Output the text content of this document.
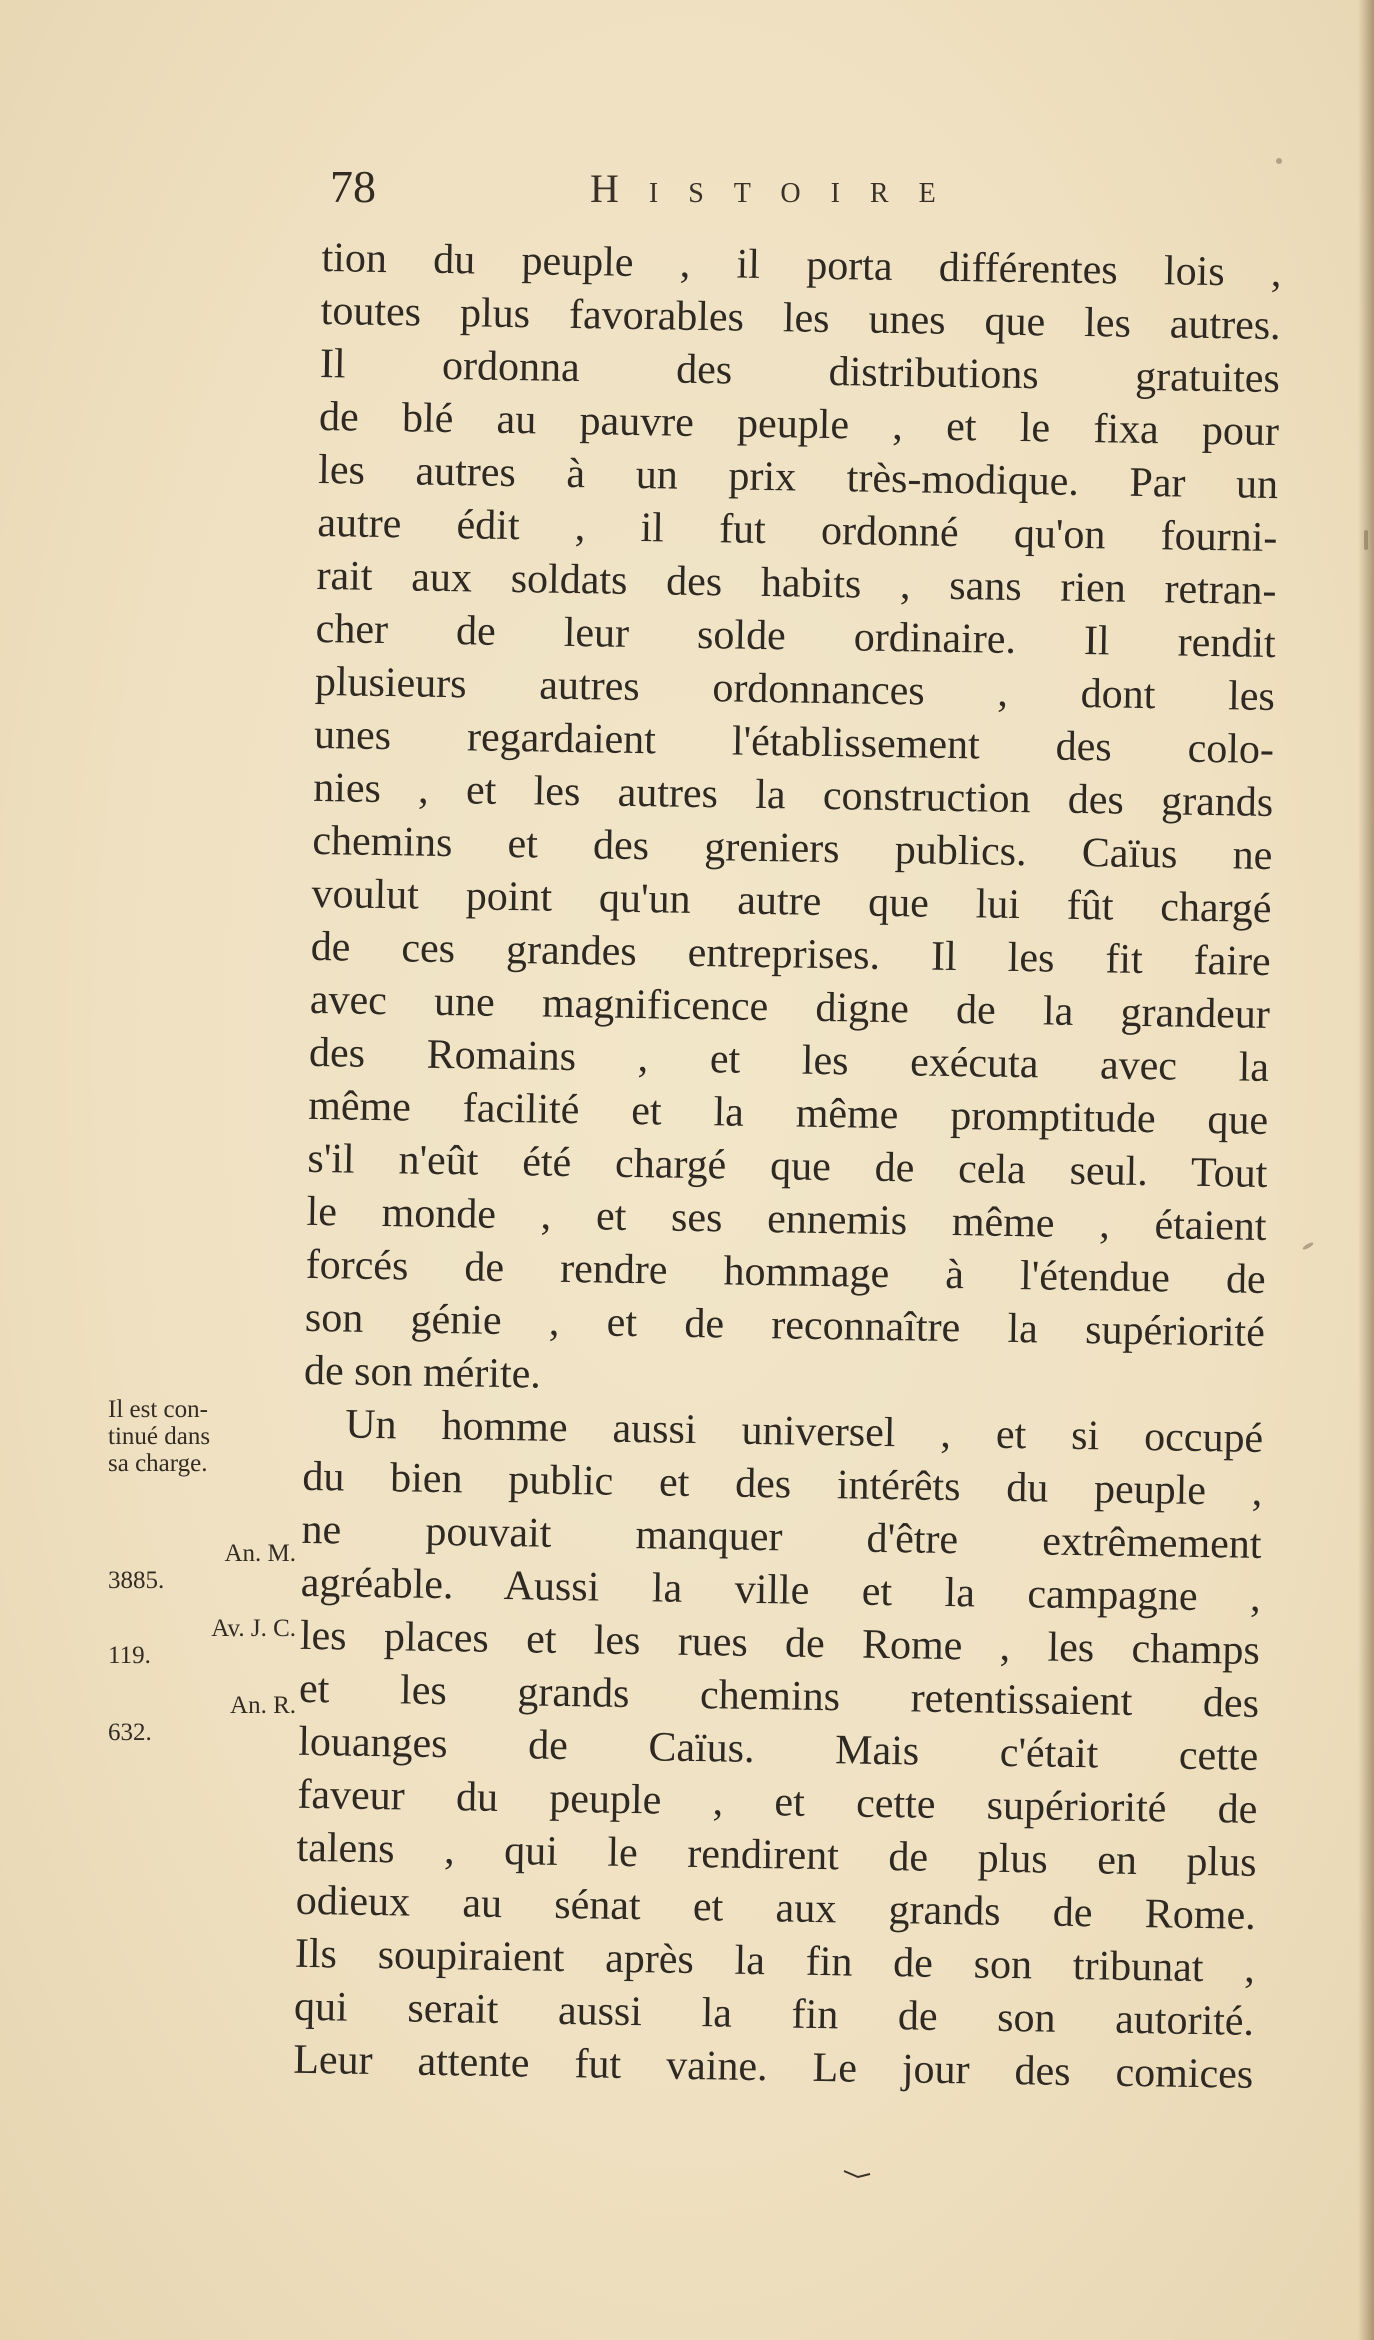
78	Histoire
tion du peuple , il porta différentes lois ,
toutes plus favorables les unes que les autres.
Il ordonna des distributions gratuites
de blé au pauvre peuple , et le fixa pour
les autres à un prix très-modique. Par un
autre édit , il fut ordonné qu'on fourni-
rait aux soldats des habits , sans rien retran-
cher de leur solde ordinaire. Il rendit
plusieurs autres ordonnances , dont les
unes regardaient l'établissement des colo-
nies , et les autres la construction des grands
chemins et des greniers publics. Caïus ne
voulut point qu'un autre que lui fût chargé
de ces grandes entreprises. Il les fit faire
avec une magnificence digne de la grandeur
des Romains , et les exécuta avec la
même facilité et la même promptitude que
s'il n'eût été chargé que de cela seul. Tout
le monde , et ses ennemis même , étaient
forcés de rendre hommage à l'étendue de
son génie , et de reconnaître la supériorité
de son mérite.
Un homme aussi universel , et si occupé
du bien public et des intérêts du peuple ,
ne pouvait manquer d'être extrêmement
agréable. Aussi la ville et la campagne ,
les places et les rues de Rome , les champs
et les grands chemins retentissaient des
louanges de Caïus. Mais c'était cette
faveur du peuple , et cette supériorité de
talens , qui le rendirent de plus en plus
odieux au sénat et aux grands de Rome.
Ils soupiraient après la fin de son tribunat ,
qui serait aussi la fin de son autorité.
Leur attente fut vaine. Le jour des comices
Il est con-
tinué dans
sa charge.
An. M.
3885.
Av. J. C.
119.
An. R.
632.
